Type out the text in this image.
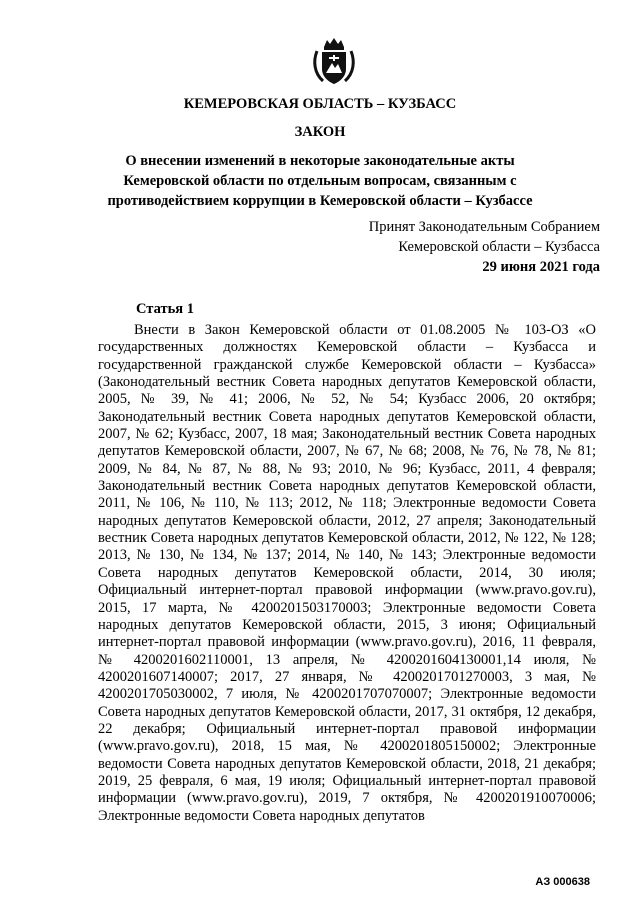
КЕМЕРОВСКАЯ ОБЛАСТЬ – КУЗБАСС
ЗАКОН
О внесении изменений в некоторые законодательные акты
Кемеровской области по отдельным вопросам, связанным с
противодействием коррупции в Кемеровской области – Кузбассе
Принят Законодательным Собранием
Кемеровской области – Кузбасса
29 июня 2021 года
Статья 1

Внести в Закон Кемеровской области от 01.08.2005 № 103-ОЗ «О государственных должностях Кемеровской области – Кузбасса и государственной гражданской службе Кемеровской области – Кузбасса» (Законодательный вестник Совета народных депутатов Кемеровской области, 2005, № 39, № 41; 2006, № 52, № 54; Кузбасс 2006, 20 октября; Законодательный вестник Совета народных депутатов Кемеровской области, 2007, № 62; Кузбасс, 2007, 18 мая; Законодательный вестник Совета народных депутатов Кемеровской области, 2007, № 67, № 68; 2008, № 76, № 78, № 81; 2009, № 84, № 87, № 88, № 93; 2010, № 96; Кузбасс, 2011, 4 февраля; Законодательный вестник Совета народных депутатов Кемеровской области, 2011, № 106, № 110, № 113; 2012, № 118; Электронные ведомости Совета народных депутатов Кемеровской области, 2012, 27 апреля; Законодательный вестник Совета народных депутатов Кемеровской области, 2012, № 122, № 128; 2013, № 130, № 134, № 137; 2014, № 140, № 143; Электронные ведомости Совета народных депутатов Кемеровской области, 2014, 30 июля; Официальный интернет-портал правовой информации (www.pravo.gov.ru), 2015, 17 марта, № 4200201503170003; Электронные ведомости Совета народных депутатов Кемеровской области, 2015, 3 июня; Официальный интернет-портал правовой информации (www.pravo.gov.ru), 2016, 11 февраля, № 4200201602110001, 13 апреля, № 4200201604130001,14 июля, № 4200201607140007; 2017, 27 января, № 4200201701270003, 3 мая, № 4200201705030002, 7 июля, № 4200201707070007; Электронные ведомости Совета народных депутатов Кемеровской области, 2017, 31 октября, 12 декабря, 22 декабря; Официальный интернет-портал правовой информации (www.pravo.gov.ru), 2018, 15 мая, № 4200201805150002; Электронные ведомости Совета народных депутатов Кемеровской области, 2018, 21 декабря; 2019, 25 февраля, 6 мая, 19 июля; Официальный интернет-портал правовой информации (www.pravo.gov.ru), 2019, 7 октября, № 4200201910070006; Электронные ведомости Совета народных депутатов

АЗ 000638
